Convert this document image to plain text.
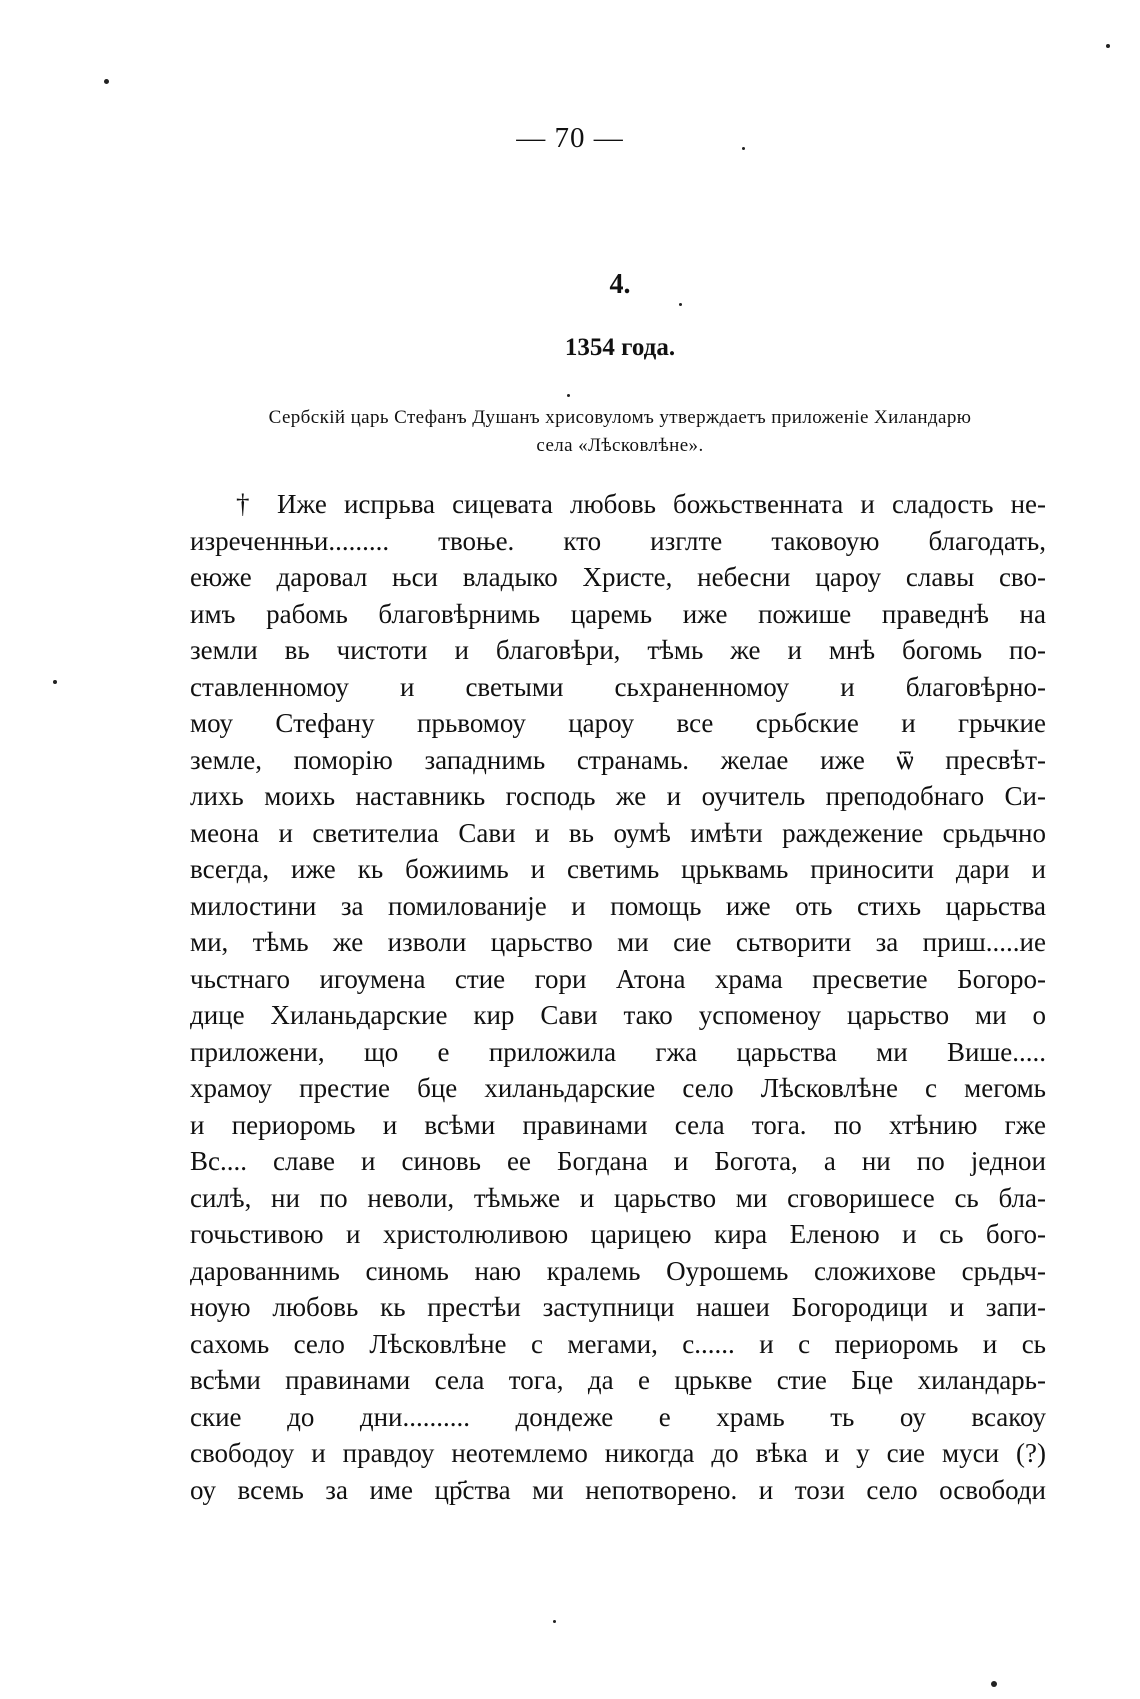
— 70 —
4.
1354 года.
Сербскій царь Стефанъ Душанъ хрисовуломъ утверждаетъ приложеніе Хиландарю
села «Лѣсковлѣне».
† Иже испрьва сицевата любовь божьственната и сладость не-
изреченнњи......... твоње. кто изглте таковоую благодать,
еюже даровал њси владыко Христе, небесни цароу славы сво-
имъ рабомь благовѣрнимь царемь иже пожише праведнѣ на
земли вь чистоти и благовѣри, тѣмь же и мнѣ богомь по-
ставленномоу и светыми сьхраненномоу и благовѣрно-
моу Стефану прьвомоу цароу все срьбские и грьчкие
земле, поморію западнимь странамь. желае иже ѿ пресвѣт-
лихь моихь наставникь господь же и оучитель преподобнаго Си-
меона и светителиа Сави и вь оумѣ имѣти раждежение срьдьчно
всегда, иже кь божиимь и светимь црьквамь приносити дари и
милостини за помилованије и помощь иже оть стихь царьства
ми, тѣмь же изволи царьство ми сие сьтворити за приш.....ие
чьстнаго игоумена стие гори Атона храма пресветие Богоро-
дице Хиланьдарские кир Сави тако успоменоу царьство ми о
приложени, що е приложила гжа царьства ми Више.....
храмоу престие бце хиланьдарские село Лѣсковлѣне с мегомь
и периоромь и всѣми правинами села тога. по хтѣнию гже
Вс.... славе и синовь ее Богдана и Богота, а ни по једнои
силѣ, ни по неволи, тѣмьже и царьство ми сговоришесе сь бла-
гочьстивою и христолюливою царицею кира Еленою и сь бого-
дарованнимь синомь наю кралемь Оурошемь сложихове срьдьч-
ноую любовь кь престѣи заступници нашеи Богородици и запи-
сахомь село Лѣсковлѣне с мегами, с...... и с периоромь и сь
всѣми правинами села тога, да е црькве стие Бце хиландарь-
ские до дни.......... дондеже е храмь ть оу всакоу
свободоу и правдоу неотемлемо никогда до вѣка и у сие муси (?)
оу всемь за име цр҃ства ми непотворено. и този село освободи
